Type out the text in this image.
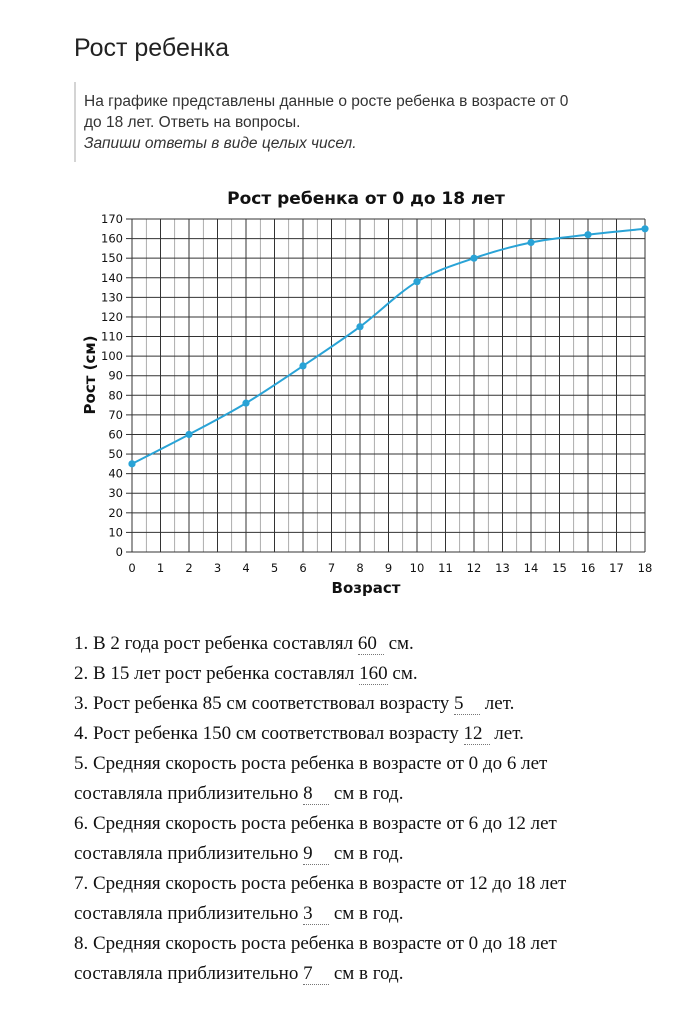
Рост ребенка
На графике представлены данные о росте ребенка в возрасте от 0
до 18 лет. Ответь на вопросы.
Запиши ответы в виде целых чисел.
0
10
20
30
40
50
60
70
80
90
100
110
120
130
140
150
160
170
0 1 2 3 4 5 6 7 8 9 10 11 12 13 14 15 16 17 18
Рост ребенка от 0 до 18 лет
Возраст
Рост (см)
1. В 2 года рост ребенка составлял 60 см.
2. В 15 лет рост ребенка составлял 160 см.
3. Рост ребенка 85 см соответствовал возрасту 5 лет.
4. Рост ребенка 150 см соответствовал возрасту 12 лет.
5. Средняя скорость роста ребенка в возрасте от 0 до 6 лет
составляла приблизительно 8 см в год.
6. Средняя скорость роста ребенка в возрасте от 6 до 12 лет
составляла приблизительно 9 см в год.
7. Средняя скорость роста ребенка в возрасте от 12 до 18 лет
составляла приблизительно 3 см в год.
8. Средняя скорость роста ребенка в возрасте от 0 до 18 лет
составляла приблизительно 7 см в год.
